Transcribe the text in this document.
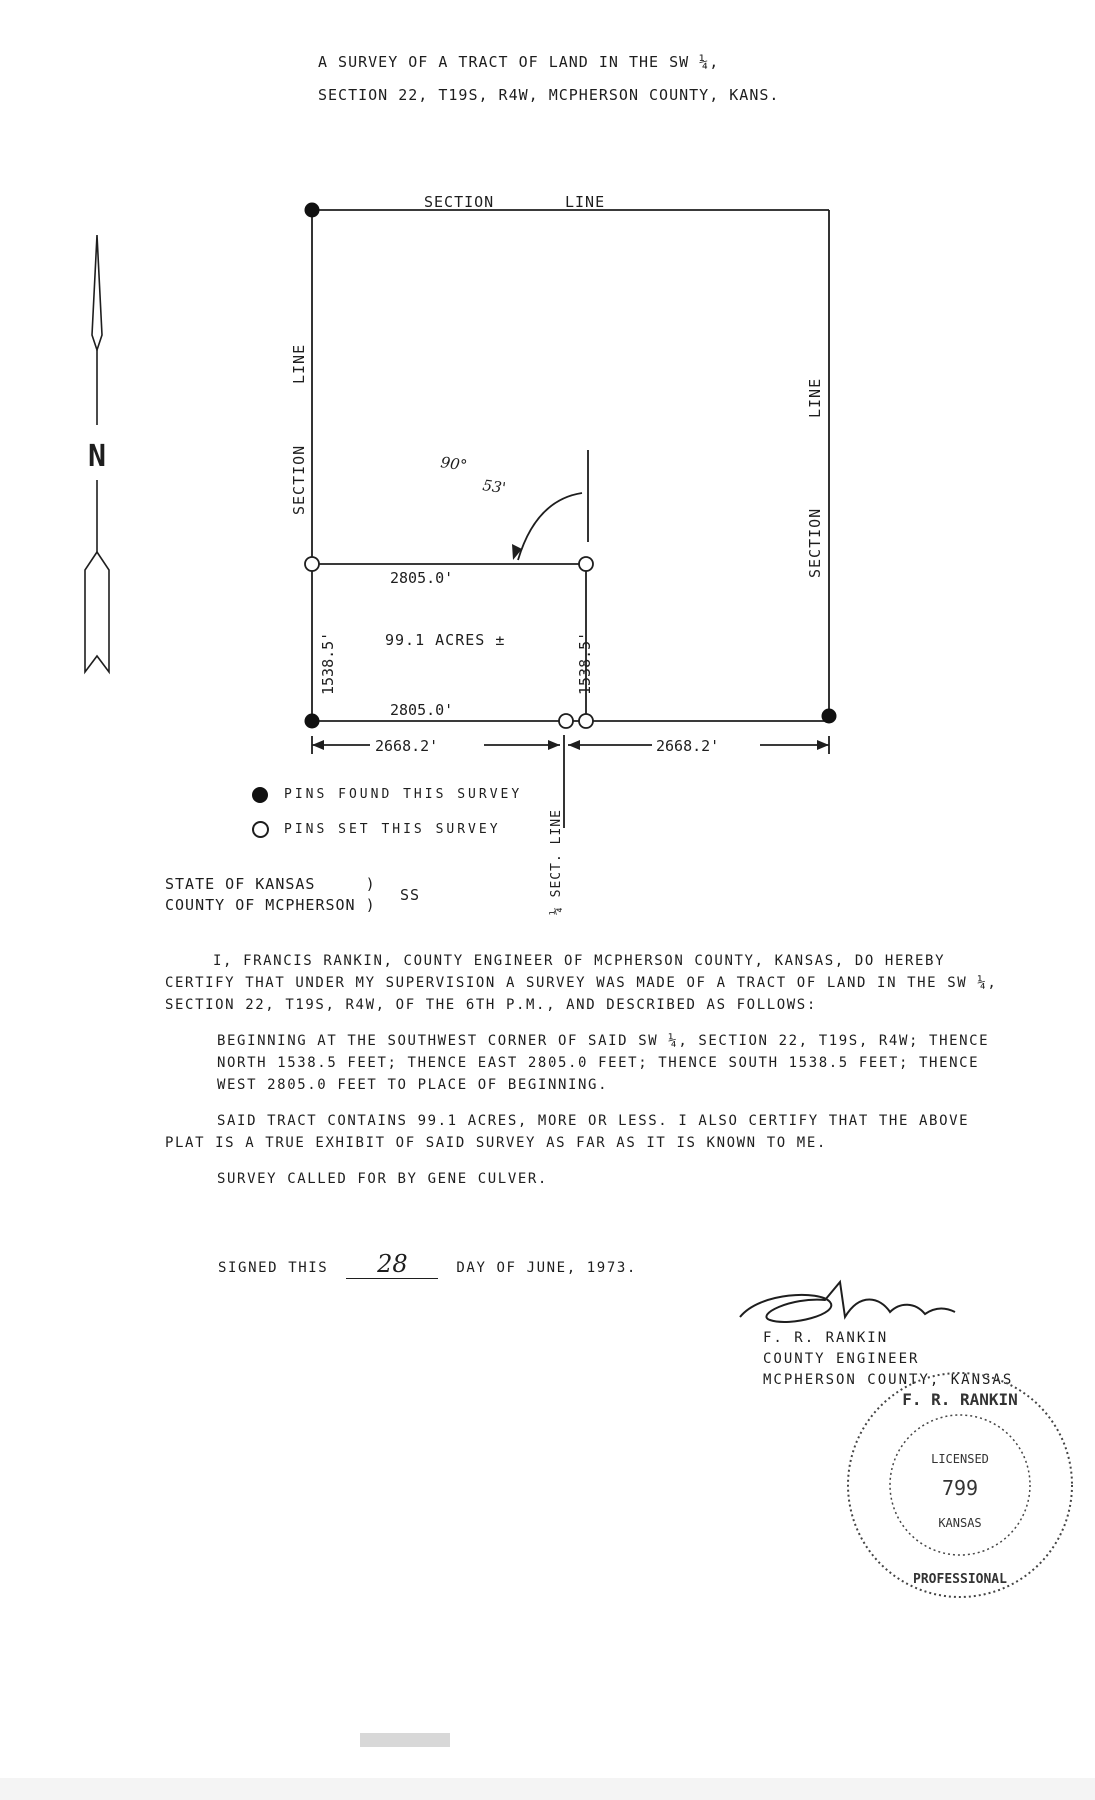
A SURVEY OF A TRACT OF LAND IN THE SW ¼,
SECTION 22, T19S, R4W, MCPHERSON COUNTY, KANS.
N
SECTION	LINE
SECTION
LINE
SECTION
LINE
90°
53'
2805.0'
99.1 ACRES ±
2805.0'
1538.5'	1538.5'
2668.2'	2668.2'
¼ SECT. LINE
PINS FOUND THIS SURVEY
PINS SET THIS SURVEY
STATE OF KANSAS     )
COUNTY OF MCPHERSON )
SS

I, FRANCIS RANKIN, COUNTY ENGINEER OF MCPHERSON COUNTY, KANSAS, DO HEREBY CERTIFY THAT UNDER MY SUPERVISION A SURVEY WAS MADE OF A TRACT OF LAND IN THE SW ¼, SECTION 22, T19S, R4W, OF THE 6TH P.M., AND DESCRIBED AS FOLLOWS:

BEGINNING AT THE SOUTHWEST CORNER OF SAID SW ¼, SECTION 22, T19S, R4W; THENCE NORTH 1538.5 FEET; THENCE EAST 2805.0 FEET; THENCE SOUTH 1538.5 FEET; THENCE WEST 2805.0 FEET TO PLACE OF BEGINNING.

SAID TRACT CONTAINS 99.1 ACRES, MORE OR LESS. I ALSO CERTIFY THAT THE ABOVE PLAT IS A TRUE EXHIBIT OF SAID SURVEY AS FAR AS IT IS KNOWN TO ME.

SURVEY CALLED FOR BY GENE CULVER.

SIGNED THIS 28	DAY OF JUNE, 1973.
F. R. RANKIN
COUNTY ENGINEER
MCPHERSON COUNTY, KANSAS
F. R. RANKIN
PROFESSIONAL
LICENSED
799
KANSAS
